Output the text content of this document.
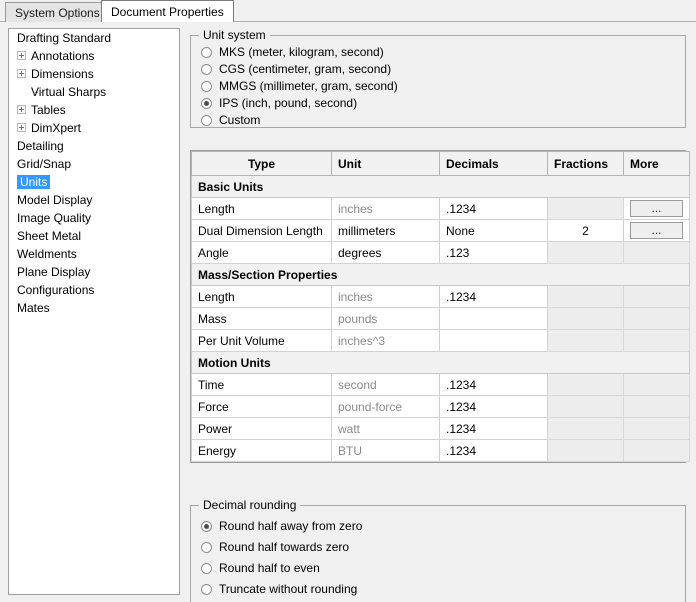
System Options Document Properties
Drafting Standard
Annotations
Dimensions
Virtual Sharps
Tables
DimXpert
Detailing
Grid/Snap
Units
Model Display
Image Quality
Sheet Metal
Weldments
Plane Display
Configurations
Mates
Unit system
MKS (meter, kilogram, second)
CGS (centimeter, gram, second)
MMGS (millimeter, gram, second)
IPS (inch, pound, second)
Custom
Type	Unit	Decimals	Fractions	More
Basic Units				
Length	inches	.1234		...

Dual Dimension Length	millimeters	None	2	...

Angle	degrees	.123		
Mass/Section Properties				
Length	inches	.1234		
Mass	pounds			
Per Unit Volume	inches^3			
Motion Units				
Time	second	.1234		
Force	pound-force	.1234		
Power	watt	.1234		
Energy	BTU	.1234		
Decimal rounding
Round half away from zero
Round half towards zero
Round half to even
Truncate without rounding
